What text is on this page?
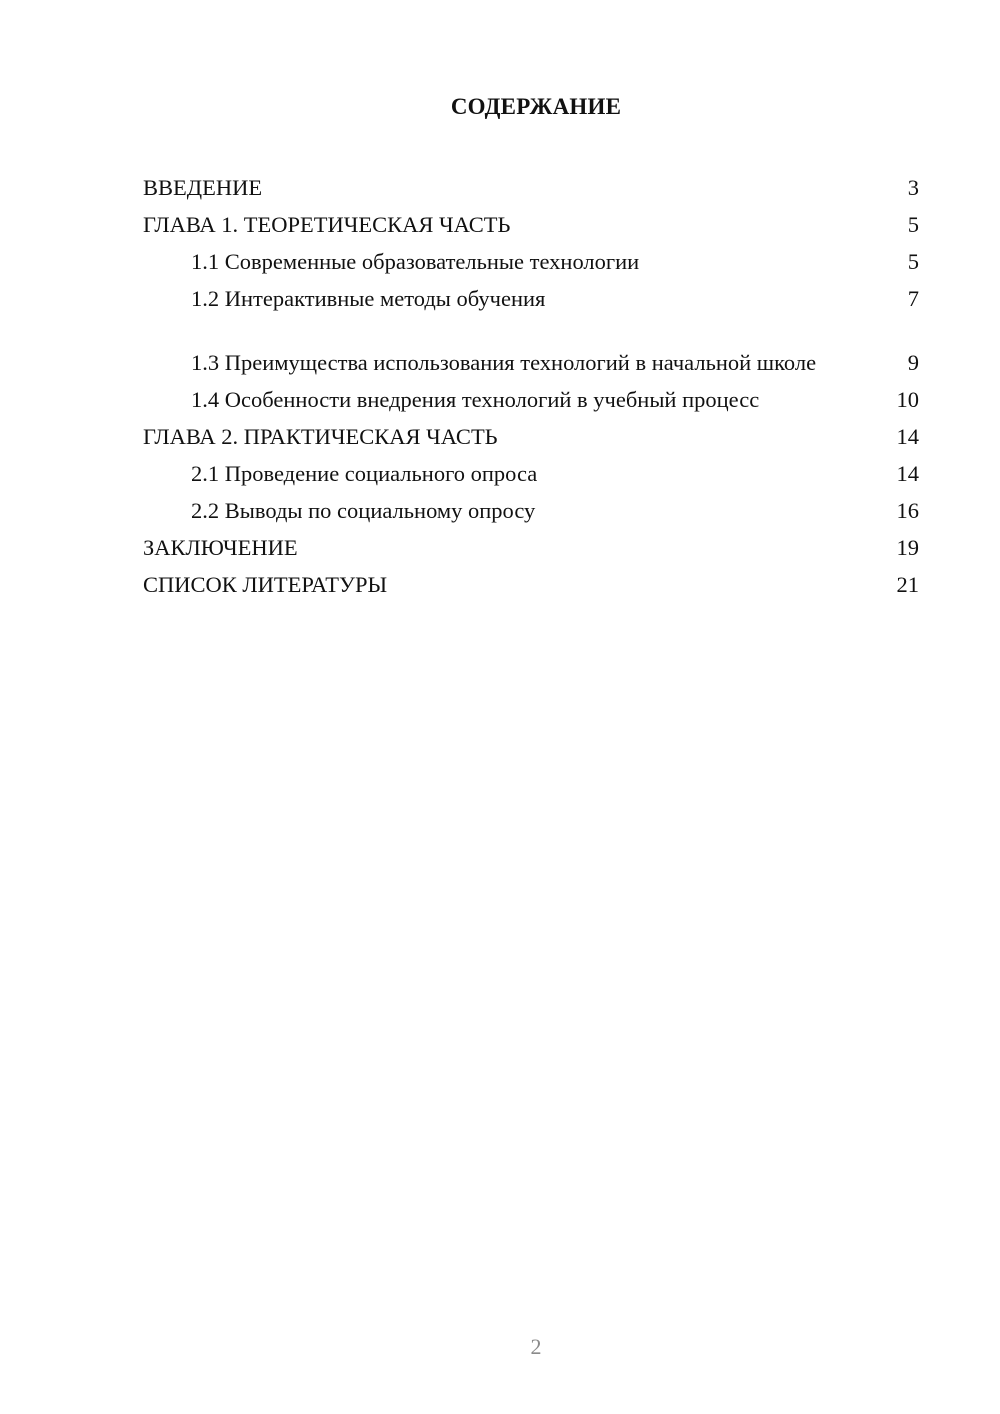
СОДЕРЖАНИЕ
ВВЕДЕНИЕ	3
ГЛАВА 1. ТЕОРЕТИЧЕСКАЯ ЧАСТЬ	5
1.1 Современные образовательные технологии	5
1.2 Интерактивные методы обучения	7
1.3 Преимущества использования технологий в начальной школе	9
1.4 Особенности внедрения технологий в учебный процесс	10
ГЛАВА 2. ПРАКТИЧЕСКАЯ ЧАСТЬ	14
2.1 Проведение социального опроса	14
2.2 Выводы по социальному опросу	16
ЗАКЛЮЧЕНИЕ	19
СПИСОК ЛИТЕРАТУРЫ	21
2
